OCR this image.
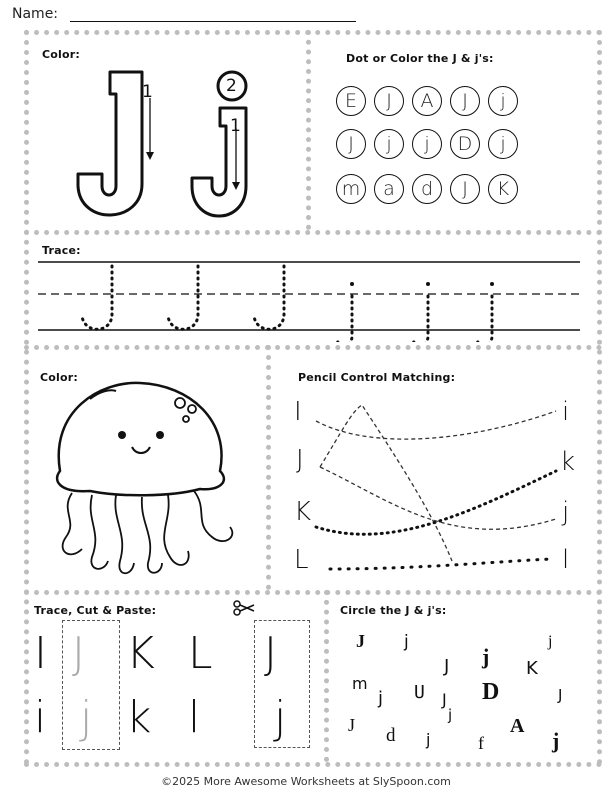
Name:
Color:
1	2
1
Dot or Color the J & j's:
E	J	A	J	j
J	j	j	D	j
m	a	d	J	K
Trace:
Color:	Pencil Control Matching:
I
J
K
L
i
k
j
l
Trace, Cut & Paste:
I J K L
i j k l
J
j
Circle the J & j's:
J j
j
J	K
j
m
j U J D	J
J	j
d j	f
A
j
©2025 More Awesome Worksheets at SlySpoon.com
